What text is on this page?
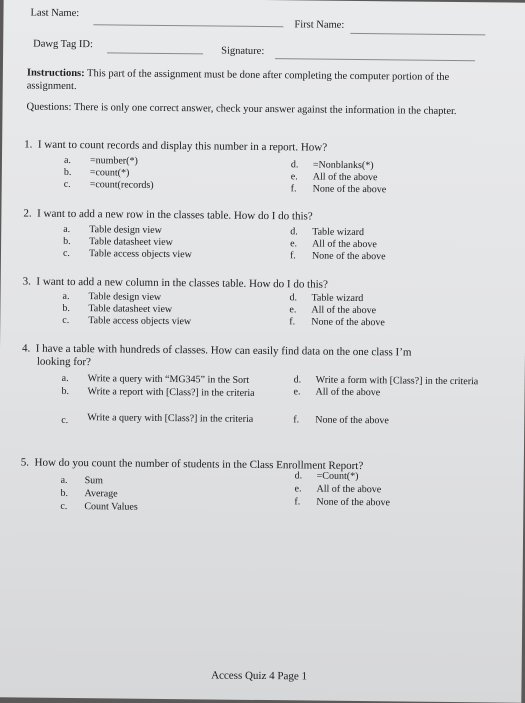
Last Name:
First Name:
Dawg Tag ID:
Signature:
Instructions: This part of the assignment must be done after completing the computer portion of the assignment.
Questions: There is only one correct answer, check your answer against the information in the chapter.
1. I want to count records and display this number in a report. How?
a. =number(*)
b. =count(*)
c. =count(records)
d. =Nonblanks(*)
e. All of the above
f. None of the above
2. I want to add a new row in the classes table. How do I do this?
a. Table design view
b. Table datasheet view
c. Table access objects view
d. Table wizard
e. All of the above
f. None of the above
3. I want to add a new column in the classes table. How do I do this?
a. Table design view
b. Table datasheet view
c. Table access objects view
d. Table wizard
e. All of the above
f. None of the above
4. I have a table with hundreds of classes. How can easily find data on the one class I’m
looking for?
a. Write a query with “MG345” in the Sort
b. Write a report with [Class?] in the criteria
c. Write a query with [Class?] in the criteria
d. Write a form with [Class?] in the criteria
e. All of the above
f. None of the above
5. How do you count the number of students in the Class Enrollment Report?
a. Sum
b. Average
c. Count Values
d. =Count(*)
e. All of the above
f. None of the above
Access Quiz 4 Page 1
